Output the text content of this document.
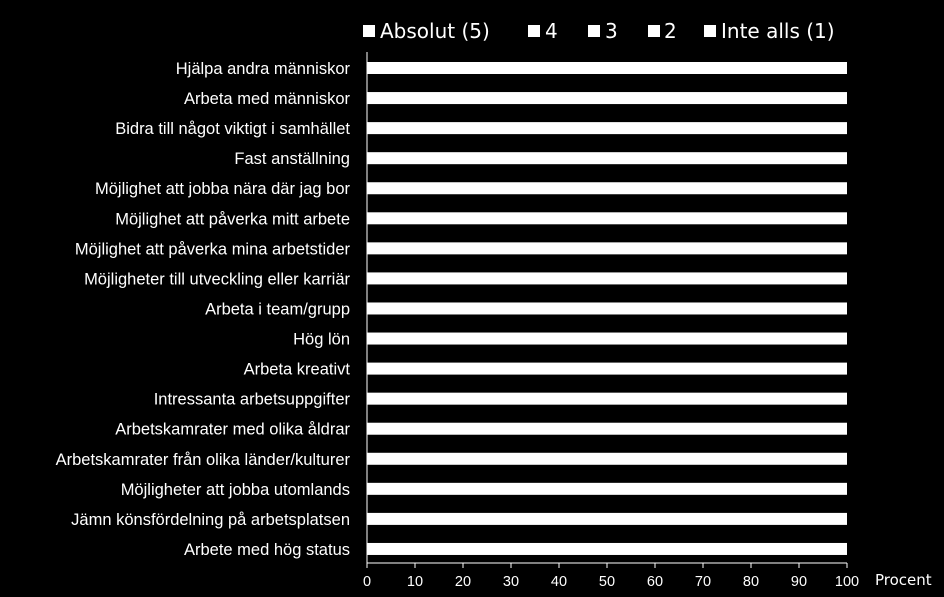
Absolut (5)	4 3 2 Inte alls (1)
Hjälpa andra människor
Arbeta med människor
Bidra till något viktigt i samhället
Fast anställning
Möjlighet att jobba nära där jag bor
Möjlighet att påverka mitt arbete
Möjlighet att påverka mina arbetstider
Möjligheter till utveckling eller karriär
Arbeta i team/grupp
Hög lön
Arbeta kreativt
Intressanta arbetsuppgifter
Arbetskamrater med olika åldrar
Arbetskamrater från olika länder/kulturer
Möjligheter att jobba utomlands
Jämn könsfördelning på arbetsplatsen
Arbete med hög status
0 10 20 30 40 50 60 70 80 90 100 Procent
